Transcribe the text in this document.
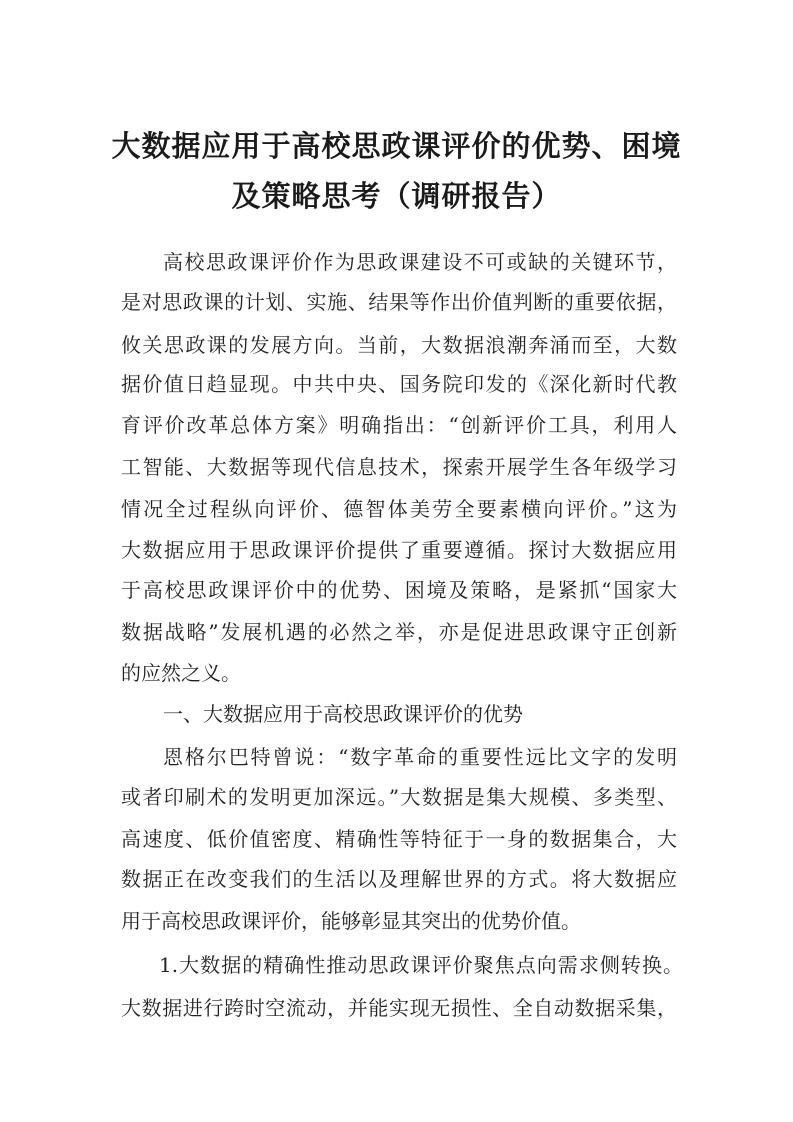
大数据应用于高校思政课评价的优势、困境
及策略思考（调研报告）
高校思政课评价作为思政课建设不可或缺的关键环节，
是对思政课的计划、实施、结果等作出价值判断的重要依据，
攸关思政课的发展方向。当前，大数据浪潮奔涌而至，大数
据价值日趋显现。中共中央、国务院印发的《深化新时代教
育评价改革总体方案》明确指出：“创新评价工具，利用人
工智能、大数据等现代信息技术，探索开展学生各年级学习
情况全过程纵向评价、德智体美劳全要素横向评价。”这为
大数据应用于思政课评价提供了重要遵循。探讨大数据应用
于高校思政课评价中的优势、困境及策略，是紧抓“国家大
数据战略”发展机遇的必然之举，亦是促进思政课守正创新
的应然之义。
一、大数据应用于高校思政课评价的优势
恩格尔巴特曾说：“数字革命的重要性远比文字的发明
或者印刷术的发明更加深远。”大数据是集大规模、多类型、
高速度、低价值密度、精确性等特征于一身的数据集合，大
数据正在改变我们的生活以及理解世界的方式。将大数据应
用于高校思政课评价，能够彰显其突出的优势价值。
1.大数据的精确性推动思政课评价聚焦点向需求侧转换。
大数据进行跨时空流动，并能实现无损性、全自动数据采集，
